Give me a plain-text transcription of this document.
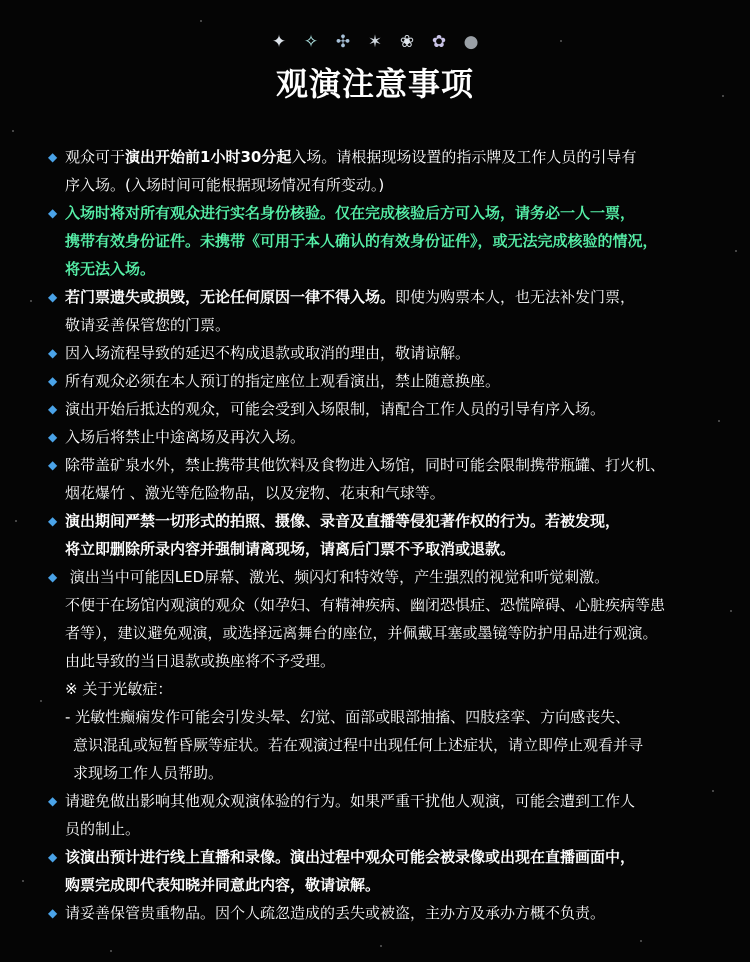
✦ ✧ ✣ ✶ ❀ ✿ ●
观演注意事项
◆ 观众可于演出开始前1小时30分起入场。请根据现场设置的指示牌及工作人员的引导有
序入场。(入场时间可能根据现场情况有所变动。)
◆ 入场时将对所有观众进行实名身份核验。仅在完成核验后方可入场，请务必一人一票，
携带有效身份证件。未携带《可用于本人确认的有效身份证件》，或无法完成核验的情况，
将无法入场。
◆ 若门票遗失或损毁，无论任何原因一律不得入场。即使为购票本人，也无法补发门票，
敬请妥善保管您的门票。
◆ 因入场流程导致的延迟不构成退款或取消的理由，敬请谅解。
◆ 所有观众必须在本人预订的指定座位上观看演出，禁止随意换座。
◆ 演出开始后抵达的观众，可能会受到入场限制，请配合工作人员的引导有序入场。
◆ 入场后将禁止中途离场及再次入场。
◆ 除带盖矿泉水外，禁止携带其他饮料及食物进入场馆，同时可能会限制携带瓶罐、打火机、
烟花爆竹 、激光等危险物品，以及宠物、花束和气球等。
◆ 演出期间严禁一切形式的拍照、摄像、录音及直播等侵犯著作权的行为。若被发现，
将立即删除所录内容并强制请离现场，请离后门票不予取消或退款。
◆ 演出当中可能因LED屏幕、激光、频闪灯和特效等，产生强烈的视觉和听觉刺激。
不便于在场馆内观演的观众（如孕妇、有精神疾病、幽闭恐惧症、恐慌障碍、心脏疾病等患
者等），建议避免观演，或选择远离舞台的座位，并佩戴耳塞或墨镜等防护用品进行观演。
由此导致的当日退款或换座将不予受理。
※ 关于光敏症：
- 光敏性癫痫发作可能会引发头晕、幻觉、面部或眼部抽搐、四肢痉挛、方向感丧失、
意识混乱或短暂昏厥等症状。若在观演过程中出现任何上述症状，请立即停止观看并寻
求现场工作人员帮助。
◆ 请避免做出影响其他观众观演体验的行为。如果严重干扰他人观演，可能会遭到工作人
员的制止。
◆ 该演出预计进行线上直播和录像。演出过程中观众可能会被录像或出现在直播画面中，
购票完成即代表知晓并同意此内容，敬请谅解。
◆ 请妥善保管贵重物品。因个人疏忽造成的丢失或被盗，主办方及承办方概不负责。
